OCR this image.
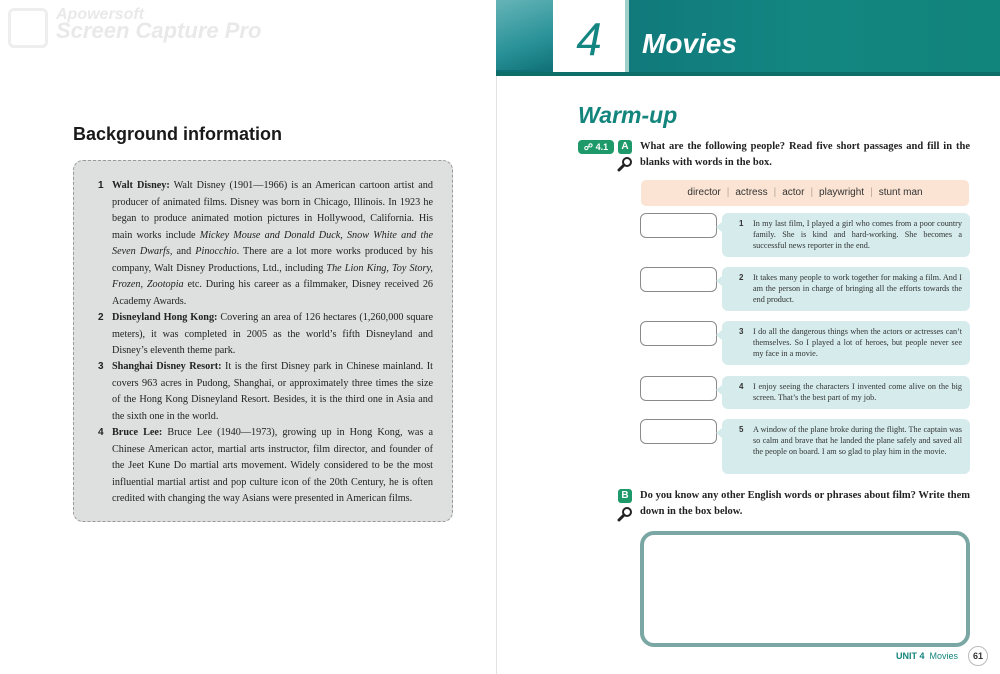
Apowersoft
Screen Capture Pro
Background information
1 Walt Disney: Walt Disney (1901—1966) is an American cartoon artist and producer of animated films. Disney was born in Chicago, Illinois. In 1923 he began to produce animated motion pictures in Hollywood, California. His main works include Mickey Mouse and Donald Duck, Snow White and the Seven Dwarfs, and Pinocchio. There are a lot more works produced by his company, Walt Disney Productions, Ltd., including The Lion King, Toy Story, Frozen, Zootopia etc. During his career as a filmmaker, Disney received 26 Academy Awards.
2 Disneyland Hong Kong: Covering an area of 126 hectares (1,260,000 square meters), it was completed in 2005 as the world’s fifth Disneyland and Disney’s eleventh theme park.
3 Shanghai Disney Resort: It is the first Disney park in Chinese mainland. It covers 963 acres in Pudong, Shanghai, or approximately three times the size of the Hong Kong Disneyland Resort. Besides, it is the third one in Asia and the sixth one in the world.
4 Bruce Lee: Bruce Lee (1940—1973), growing up in Hong Kong, was a Chinese American actor, martial arts instructor, film director, and founder of the Jeet Kune Do martial arts movement. Widely considered to be the most influential martial artist and pop culture icon of the 20th Century, he is often credited with changing the way Asians were presented in American films.
4	Movies
Warm-up
☍ 4.1	A	What are the following people? Read five short passages and fill in the blanks with words in the box.
director | actress | actor | playwright | stunt man
1 In my last film, I played a girl who comes from a poor country family. She is kind and hard-working. She becomes a successful news reporter in the end.
2 It takes many people to work together for making a film. And I am the person in charge of bringing all the efforts towards the end product.
3 I do all the dangerous things when the actors or actresses can’t themselves. So I played a lot of heroes, but people never see my face in a movie.
4 I enjoy seeing the characters I invented come alive on the big screen. That’s the best part of my job.
5 A window of the plane broke during the flight. The captain was so calm and brave that he landed the plane safely and saved all the people on board. I am so glad to play him in the movie.
B	Do you know any other English words or phrases about film? Write them down in the box below.
UNIT 4 Movies	61
